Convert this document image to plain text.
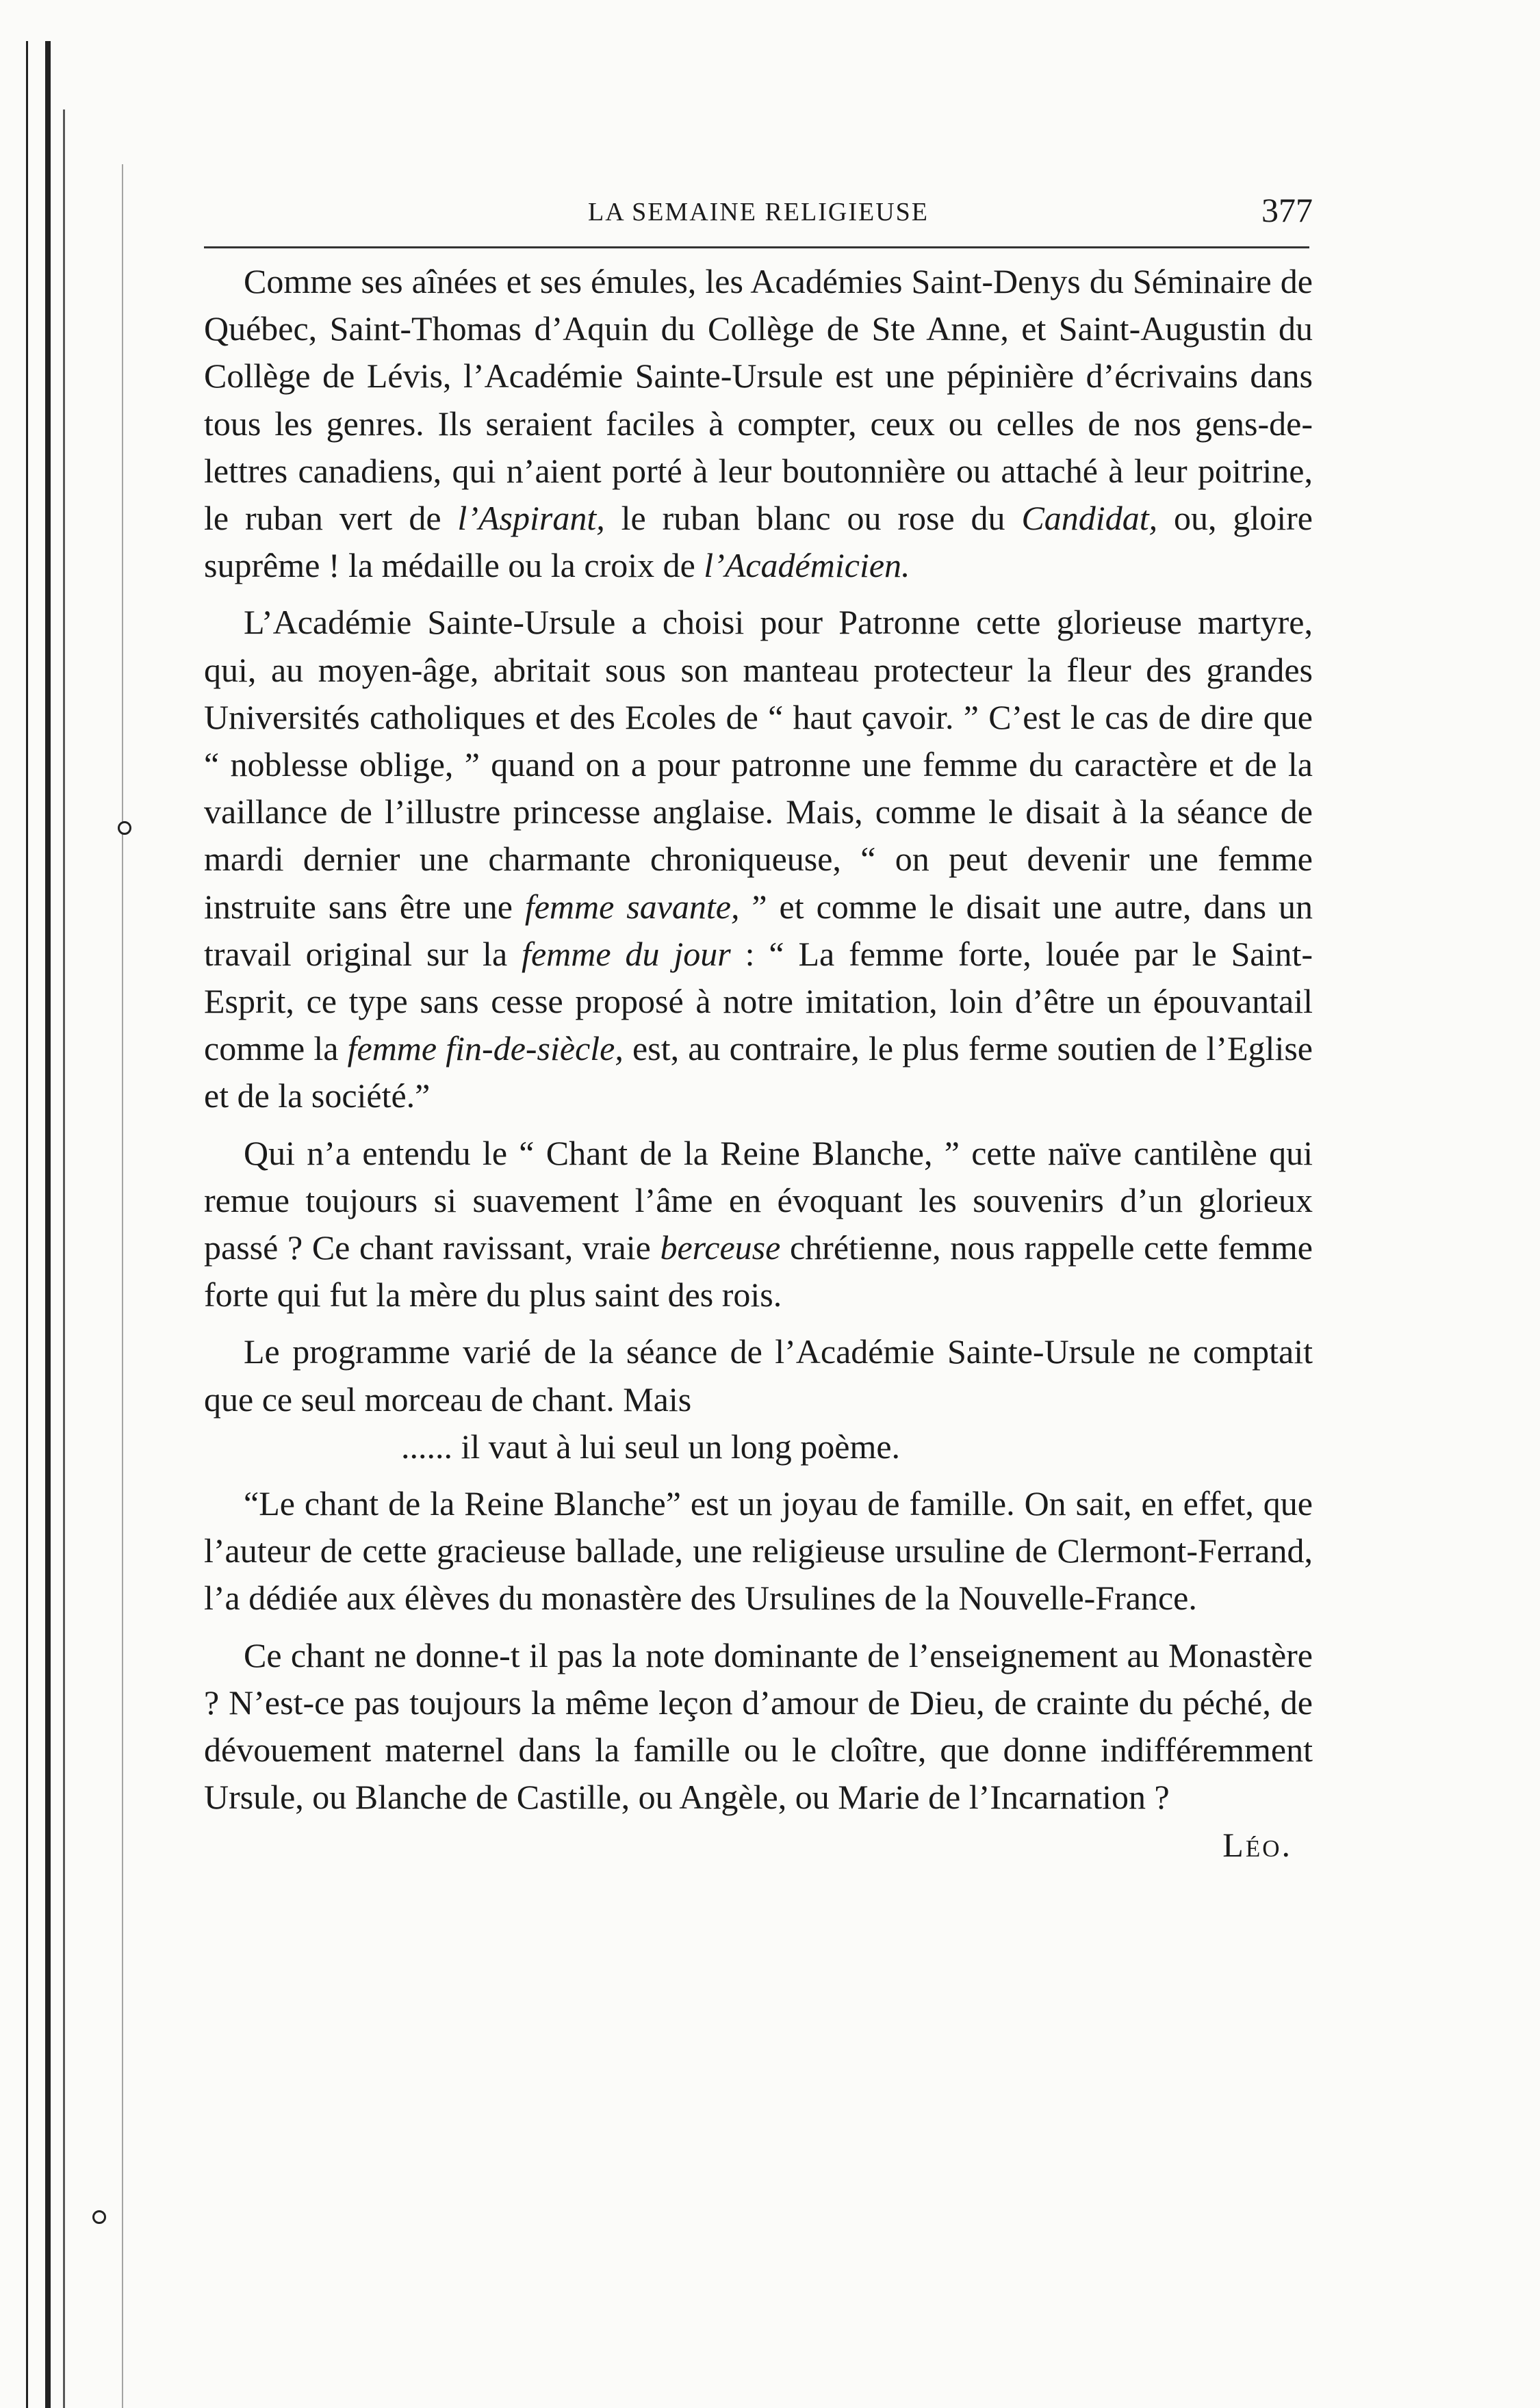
LA SEMAINE RELIGIEUSE	377

Comme ses aînées et ses émules, les Académies Saint-Denys du Séminaire de Québec, Saint-Thomas d’Aquin du Collège de Ste Anne, et Saint-Augustin du Collège de Lévis, l’Académie Sainte-Ursule est une pépinière d’écrivains dans tous les genres. Ils seraient faciles à compter, ceux ou celles de nos gens-de-lettres canadiens, qui n’aient porté à leur boutonnière ou attaché à leur poitrine, le ruban vert de l’Aspirant, le ruban blanc ou rose du Candidat, ou, gloire suprême ! la médaille ou la croix de l’Académicien.

L’Académie Sainte-Ursule a choisi pour Patronne cette glorieuse martyre, qui, au moyen-âge, abritait sous son manteau protecteur la fleur des grandes Universités catholiques et des Ecoles de “ haut çavoir. ” C’est le cas de dire que “ noblesse oblige, ” quand on a pour patronne une femme du caractère et de la vaillance de l’illustre princesse anglaise. Mais, comme le disait à la séance de mardi dernier une charmante chroniqueuse, “ on peut devenir une femme instruite sans être une femme savante, ” et comme le disait une autre, dans un travail original sur la femme du jour : “ La femme forte, louée par le Saint-Esprit, ce type sans cesse proposé à notre imitation, loin d’être un épouvantail comme la femme fin-de-siècle, est, au contraire, le plus ferme soutien de l’Eglise et de la société.”

Qui n’a entendu le “ Chant de la Reine Blanche, ” cette naïve cantilène qui remue toujours si suavement l’âme en évoquant les souvenirs d’un glorieux passé ? Ce chant ravissant, vraie berceuse chrétienne, nous rappelle cette femme forte qui fut la mère du plus saint des rois.

Le programme varié de la séance de l’Académie Sainte-Ursule ne comptait que ce seul morceau de chant. Mais

...... il vaut à lui seul un long poème.

“Le chant de la Reine Blanche” est un joyau de famille. On sait, en effet, que l’auteur de cette gracieuse ballade, une religieuse ursuline de Clermont-Ferrand, l’a dédiée aux élèves du monastère des Ursulines de la Nouvelle-France.

Ce chant ne donne-t il pas la note dominante de l’enseignement au Monastère ? N’est-ce pas toujours la même leçon d’amour de Dieu, de crainte du péché, de dévouement maternel dans la famille ou le cloître, que donne indifféremment Ursule, ou Blanche de Castille, ou Angèle, ou Marie de l’Incarnation ?

Léo.
